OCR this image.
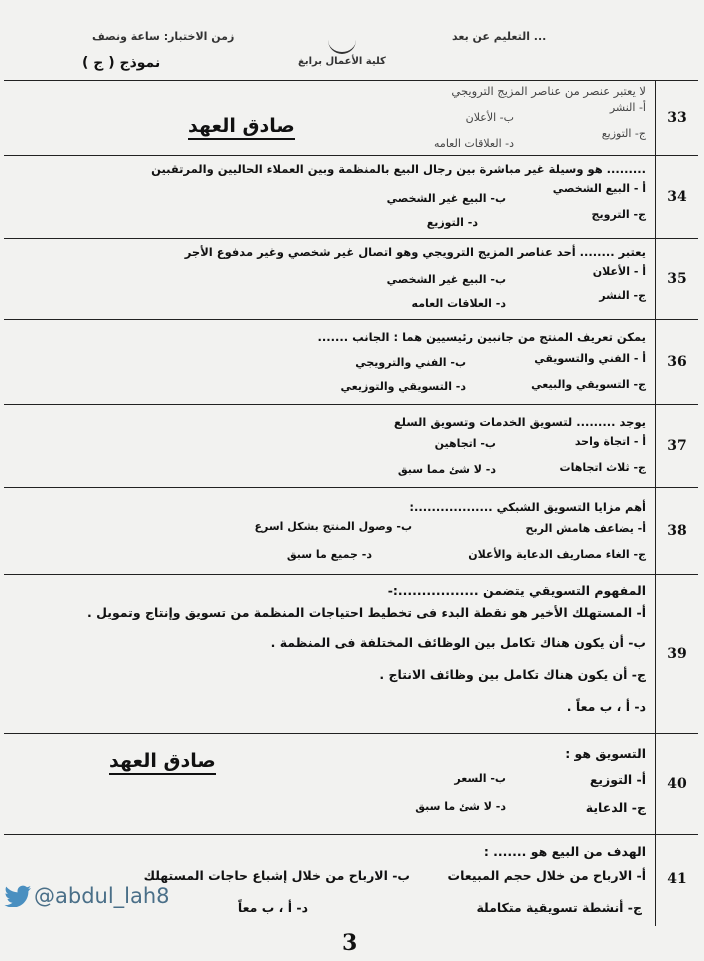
زمن الاختبار: ساعة ونصف
نموذج ( ج )	كلية الأعمال برابغ
... التعليم عن بعد
33
لا يعتبر عنصر من عناصر المزيج الترويجي
أ- النشر
ب- الأعلان
ج- التوزيع
د- العلاقات العامه
صادق العهد
34
......... هو وسيلة غير مباشرة بين رجال البيع بالمنظمة وبين العملاء الحاليين والمرتقبين
أ - البيع الشخصي
ب- البيع غير الشخصي
ج- الترويج
د- التوزيع
35
يعتبر ........ أحد عناصر المزيج الترويجي وهو اتصال غير شخصي وغير مدفوع الأجر
أ - الأعلان
ب- البيع غير الشخصي
ج- النشر
د- العلاقات العامه
36
يمكن تعريف المنتج من جانبين رئيسيين هما : الجانب .......
أ - الفني والتسويقي
ب- الفني والترويجي
ج- التسويقي والبيعي
د- التسويقي والتوزيعي
37
يوجد ......... لتسويق الخدمات وتسويق السلع
أ - اتجاة واحد
ب- اتجاهين
ج- ثلاث اتجاهات
د- لا شئ مما سبق
38
أهم مزايا التسويق الشبكي ..................:
أ- يضاعف هامش الربح
ب- وصول المنتج بشكل اسرع
ج- الغاء مصاريف الدعاية والأعلان
د- جميع ما سبق
39
المفهوم التسويقي يتضمن .................:-
أ- المستهلك الأخير هو نقطة البدء فى تخطيط احتياجات المنظمة من تسويق وإنتاج وتمويل .
ب- أن يكون هناك تكامل بين الوظائف المختلفة فى المنظمة .
ج- أن يكون هناك تكامل بين وظائف الانتاج .
د- أ ، ب معاً .
40
التسويق هو :
أ- التوزيع
ب- السعر
ج- الدعاية
د- لا شئ ما سبق
صادق العهد
41
الهدف من البيع هو ....... :
أ- الارباح من خلال حجم المبيعات
ب- الارباح من خلال إشباع حاجات المستهلك
ج- أنشطة تسويقية متكاملة
د- أ ، ب معاً
@abdul_lah8
3
